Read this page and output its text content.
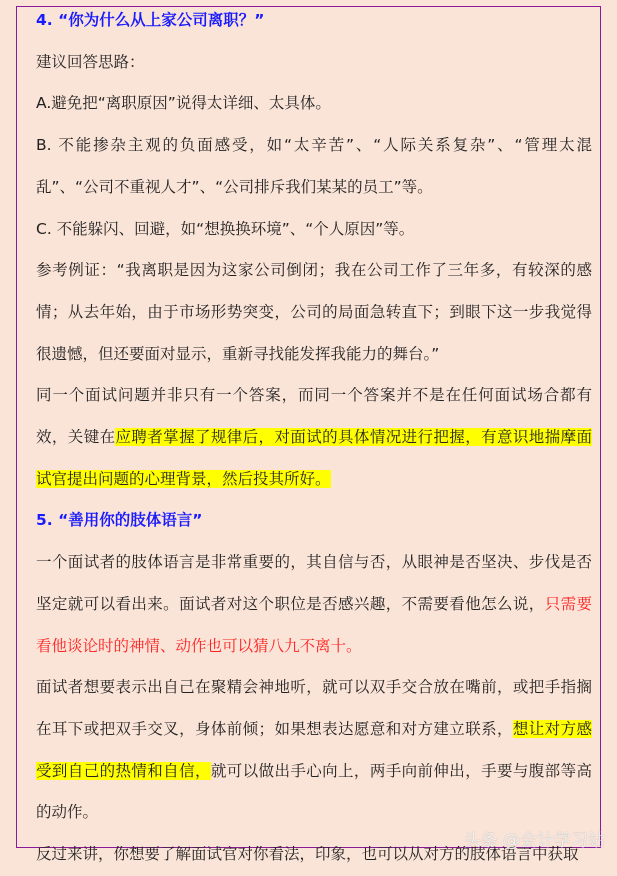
4. “你为什么从上家公司离职？”

建议回答思路：

A.避免把“离职原因”说得太详细、太具体。

B. 不能掺杂主观的负面感受，如“太辛苦”、“人际关系复杂”、“管理太混乱”、“公司不重视人才”、“公司排斥我们某某的员工”等。

C. 不能躲闪、回避，如“想换换环境”、“个人原因”等。

参考例证：“我离职是因为这家公司倒闭；我在公司工作了三年多，有较深的感情；从去年始，由于市场形势突变，公司的局面急转直下；到眼下这一步我觉得很遗憾，但还要面对显示，重新寻找能发挥我能力的舞台。”

同一个面试问题并非只有一个答案，而同一个答案并不是在任何面试场合都有效，关键在应聘者掌握了规律后，对面试的具体情况进行把握，有意识地揣摩面试官提出问题的心理背景，然后投其所好。

5. “善用你的肢体语言”

一个面试者的肢体语言是非常重要的，其自信与否，从眼神是否坚决、步伐是否坚定就可以看出来。面试者对这个职位是否感兴趣，不需要看他怎么说，只需要看他谈论时的神情、动作也可以猜八九不离十。

面试者想要表示出自己在聚精会神地听，就可以双手交合放在嘴前，或把手指搁在耳下或把双手交叉，身体前倾；如果想表达愿意和对方建立联系，想让对方感受到自己的热情和自信，就可以做出手心向上，两手向前伸出，手要与腹部等高的动作。

反过来讲，你想要了解面试官对你看法，印象，也可以从对方的肢体语言中获取

头条 @会计学习站
